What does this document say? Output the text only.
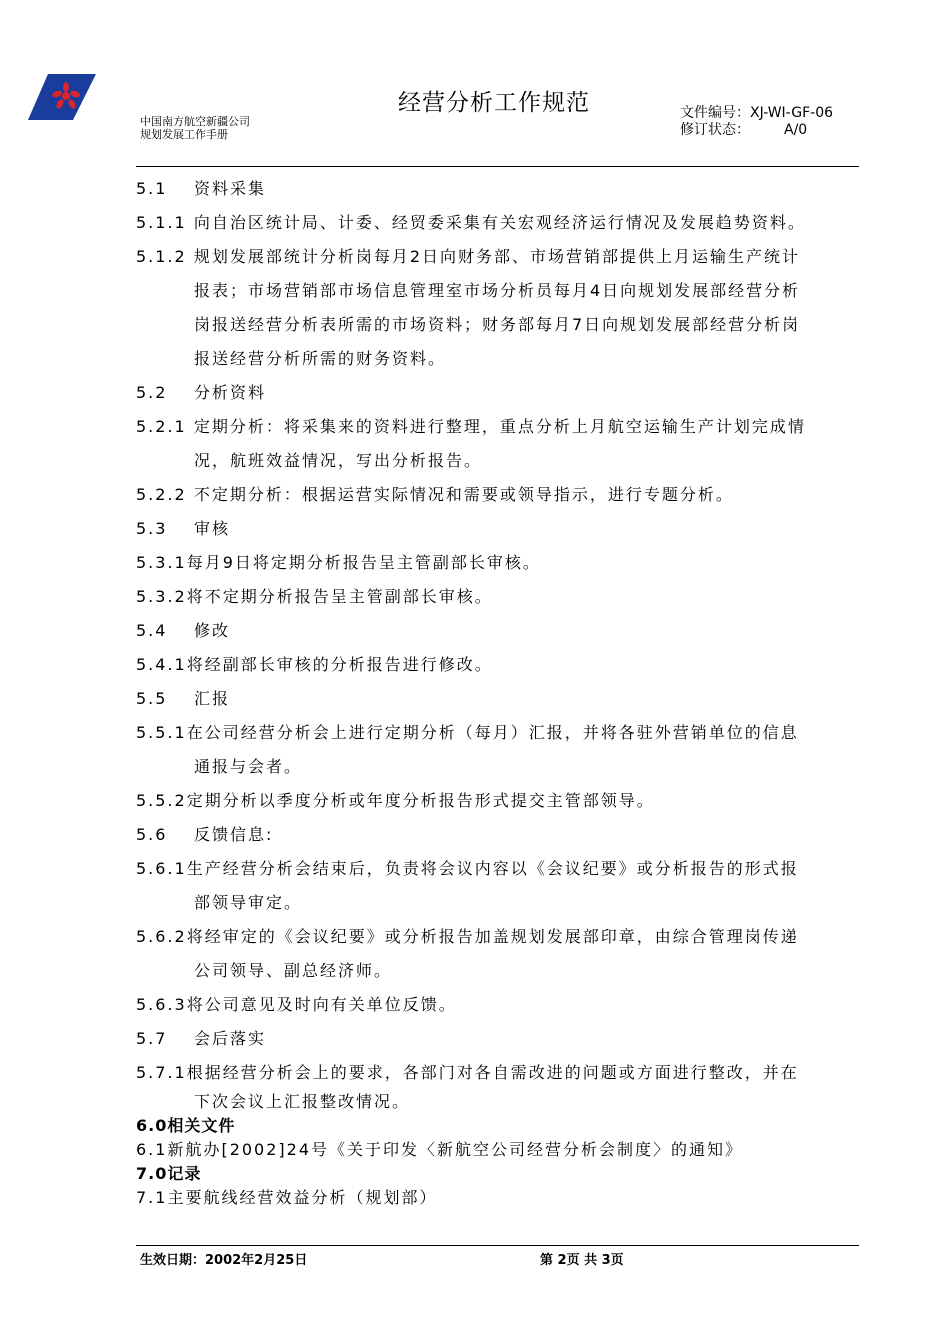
中国南方航空新疆公司
规划发展工作手册
经营分析工作规范	文件编号：XJ-WI-GF-06
修订状态： A/0
5.1 资料采集
5.1.1 向自治区统计局、计委、经贸委采集有关宏观经济运行情况及发展趋势资料。
5.1.2 规划发展部统计分析岗每月2日向财务部、市场营销部提供上月运输生产统计
报表；市场营销部市场信息管理室市场分析员每月4日向规划发展部经营分析
岗报送经营分析表所需的市场资料；财务部每月7日向规划发展部经营分析岗
报送经营分析所需的财务资料。
5.2 分析资料
5.2.1 定期分析：将采集来的资料进行整理，重点分析上月航空运输生产计划完成情
况，航班效益情况，写出分析报告。
5.2.2 不定期分析：根据运营实际情况和需要或领导指示，进行专题分析。
5.3 审核
5.3.1每月9日将定期分析报告呈主管副部长审核。
5.3.2将不定期分析报告呈主管副部长审核。
5.4 修改
5.4.1将经副部长审核的分析报告进行修改。
5.5 汇报
5.5.1在公司经营分析会上进行定期分析（每月）汇报，并将各驻外营销单位的信息
通报与会者。
5.5.2定期分析以季度分析或年度分析报告形式提交主管部领导。
5.6 反馈信息:
5.6.1生产经营分析会结束后，负责将会议内容以《会议纪要》或分析报告的形式报
部领导审定。
5.6.2将经审定的《会议纪要》或分析报告加盖规划发展部印章，由综合管理岗传递
公司领导、副总经济师。
5.6.3将公司意见及时向有关单位反馈。
5.7 会后落实
5.7.1根据经营分析会上的要求，各部门对各自需改进的问题或方面进行整改，并在
下次会议上汇报整改情况。
6.0相关文件
6.1新航办[2002]24号《关于印发〈新航空公司经营分析会制度〉的通知》
7.0记录
7.1主要航线经营效益分析（规划部）
生效日期：2002年2月25日	第 2页 共 3页
